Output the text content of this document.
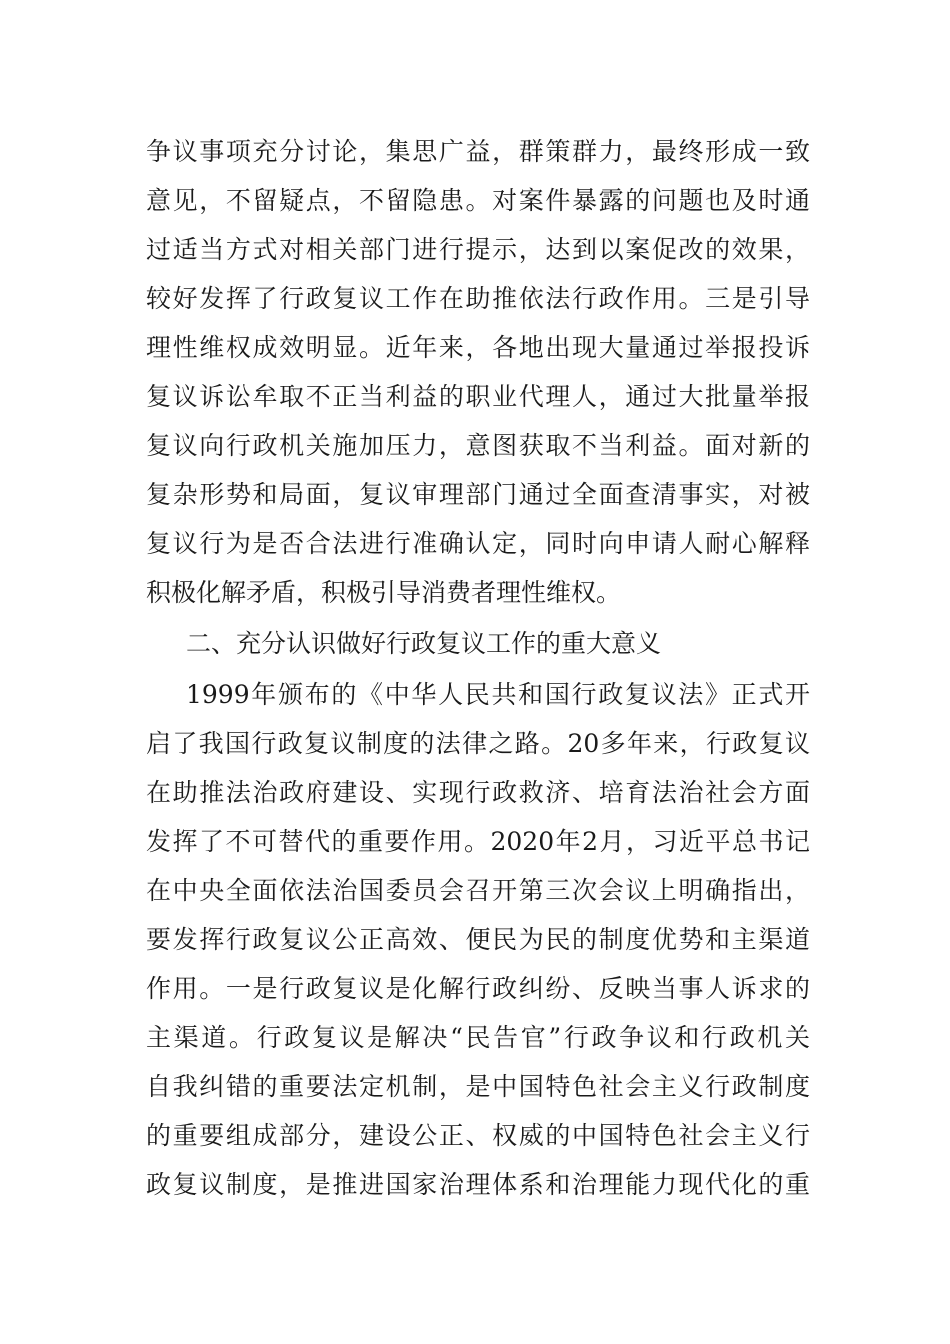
争议事项充分讨论，集思广益，群策群力，最终形成一致
意见，不留疑点，不留隐患。对案件暴露的问题也及时通
过适当方式对相关部门进行提示，达到以案促改的效果，
较好发挥了行政复议工作在助推依法行政作用。三是引导
理性维权成效明显。近年来，各地出现大量通过举报投诉
复议诉讼牟取不正当利益的职业代理人，通过大批量举报
复议向行政机关施加压力，意图获取不当利益。面对新的
复杂形势和局面，复议审理部门通过全面查清事实，对被
复议行为是否合法进行准确认定，同时向申请人耐心解释
积极化解矛盾，积极引导消费者理性维权。
二、充分认识做好行政复议工作的重大意义
1999年颁布的《中华人民共和国行政复议法》正式开
启了我国行政复议制度的法律之路。20多年来，行政复议
在助推法治政府建设、实现行政救济、培育法治社会方面
发挥了不可替代的重要作用。2020年2月，习近平总书记
在中央全面依法治国委员会召开第三次会议上明确指出，
要发挥行政复议公正高效、便民为民的制度优势和主渠道
作用。一是行政复议是化解行政纠纷、反映当事人诉求的
主渠道。行政复议是解决“民告官”行政争议和行政机关
自我纠错的重要法定机制，是中国特色社会主义行政制度
的重要组成部分，建设公正、权威的中国特色社会主义行
政复议制度，是推进国家治理体系和治理能力现代化的重
